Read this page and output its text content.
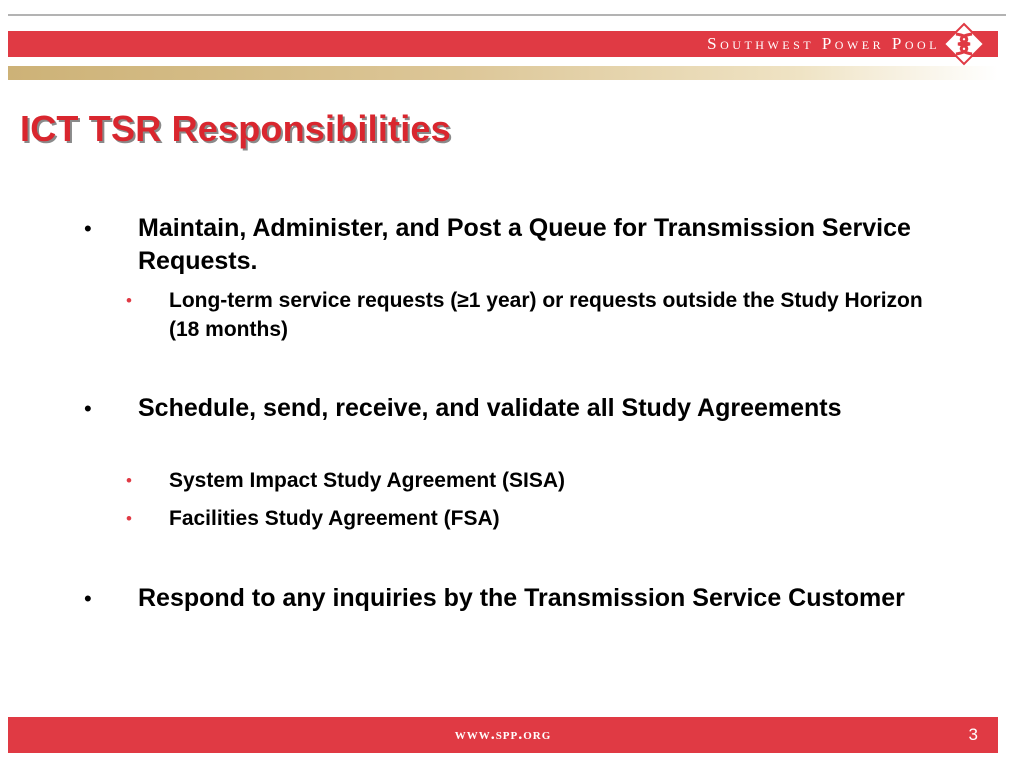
Southwest Power Pool
ICT TSR Responsibilities
• Maintain, Administer, and Post a Queue for Transmission Service Requests.
• Long-term service requests (≥1 year) or requests outside the Study Horizon (18 months)
• Schedule, send, receive, and validate all Study Agreements
• System Impact Study Agreement (SISA)
• Facilities Study Agreement (FSA)
• Respond to any inquiries by the Transmission Service Customer
www.spp.org	3
